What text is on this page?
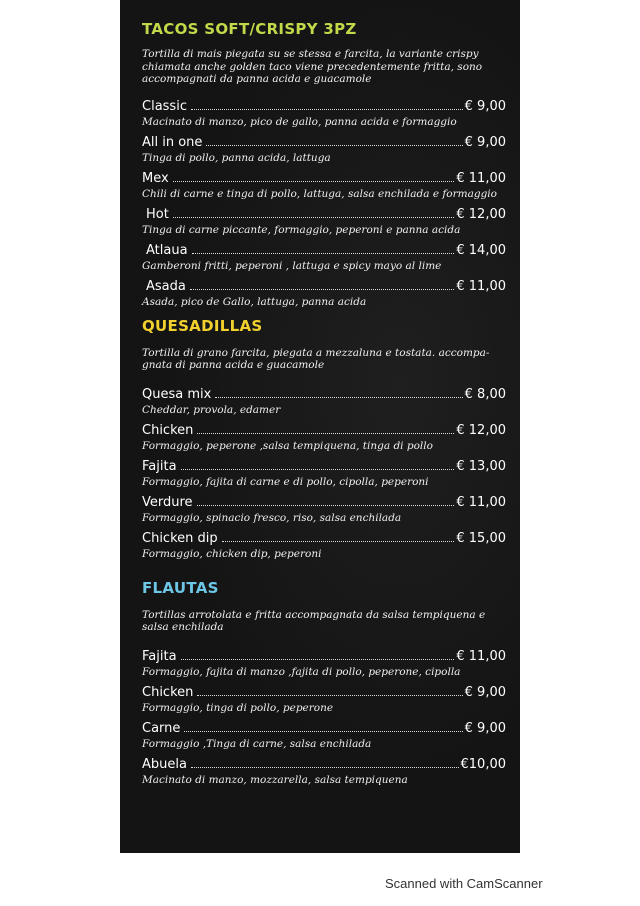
TACOS SOFT/CRISPY 3PZ

Tortilla di mais piegata su se stessa e farcita, la variante crispy

chiamata anche golden taco viene precedentemente fritta, sono

accompagnati da panna acida e guacamole

Classic	€ 9,00

Macinato di manzo, pico de gallo, panna acida e formaggio

All in one	€ 9,00

Tinga di pollo, panna acida, lattuga

Mex	€ 11,00

Chili di carne e tinga di pollo, lattuga, salsa enchilada e formaggio

Hot	€ 12,00

Tinga di carne piccante, formaggio, peperoni e panna acida

Atlaua	€ 14,00

Gamberoni fritti, peperoni , lattuga e spicy mayo al lime

Asada	€ 11,00

Asada, pico de Gallo, lattuga, panna acida

QUESADILLAS

Tortilla di grano farcita, piegata a mezzaluna e tostata. accompa-

gnata di panna acida e guacamole

Quesa mix	€ 8,00

Cheddar, provola, edamer

Chicken	€ 12,00

Formaggio, peperone ,salsa tempiquena, tinga di pollo

Fajita	€ 13,00

Formaggio, fajita di carne e di pollo, cipolla, peperoni

Verdure	€ 11,00

Formaggio, spinacio fresco, riso, salsa enchilada

Chicken dip	€ 15,00

Formaggio, chicken dip, peperoni

FLAUTAS

Tortillas arrotolata e fritta accompagnata da salsa tempiquena e

salsa enchilada

Fajita	€ 11,00

Formaggio, fajita di manzo ,fajita di pollo, peperone, cipolla

Chicken	€ 9,00

Formaggio, tinga di pollo, peperone

Carne	€ 9,00

Formaggio ,Tinga di carne, salsa enchilada

Abuela	€10,00

Macinato di manzo, mozzarella, salsa tempiquena

Scanned with CamScanner
